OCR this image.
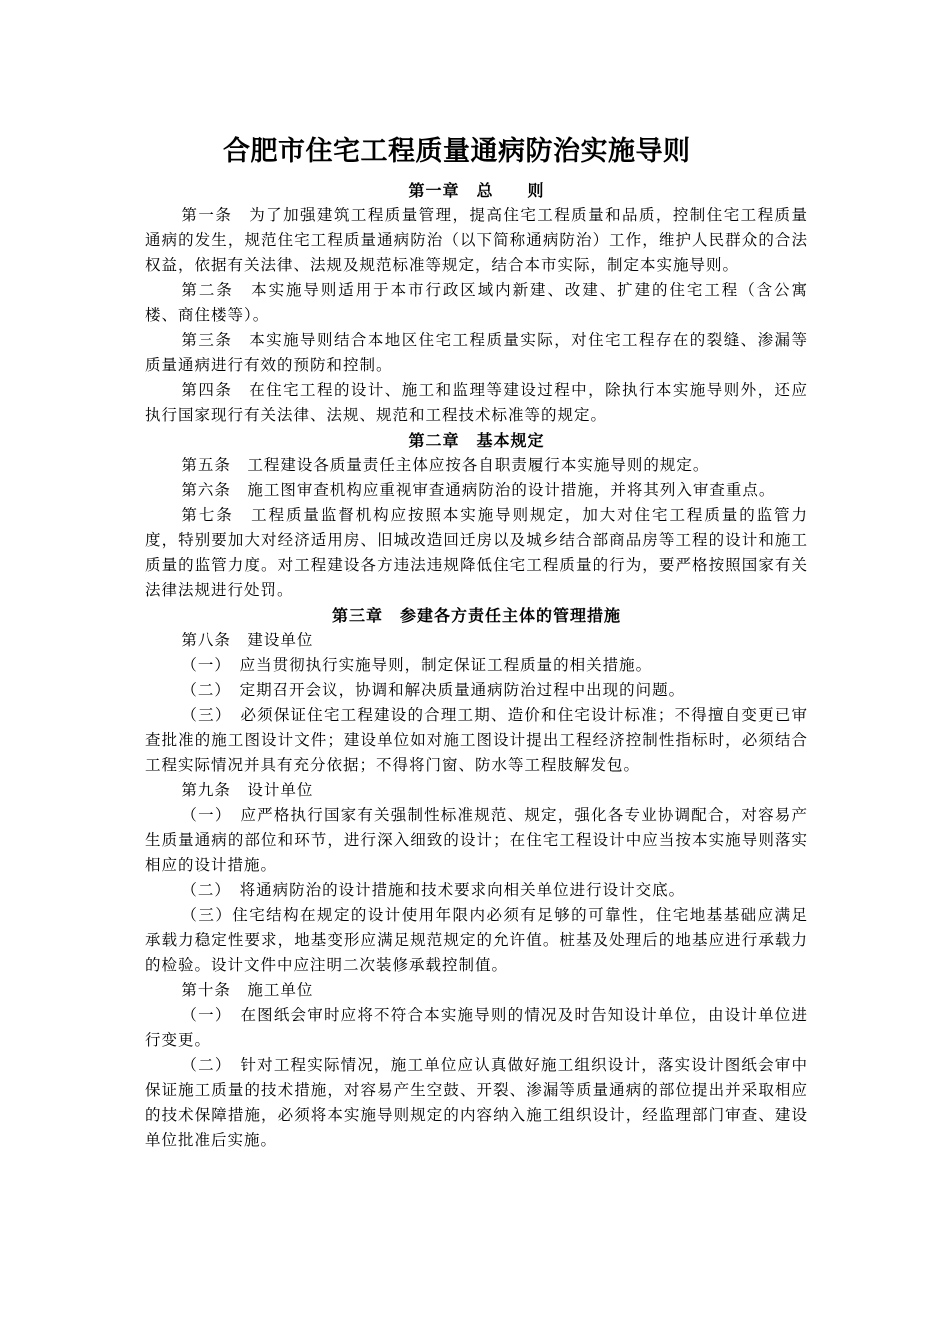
合肥市住宅工程质量通病防治实施导则
第一章　总　　则

第一条　为了加强建筑工程质量管理，提高住宅工程质量和品质，控制住宅工程质量通病的发生，规范住宅工程质量通病防治（以下简称通病防治）工作，维护人民群众的合法权益，依据有关法律、法规及规范标准等规定，结合本市实际，制定本实施导则。

第二条　本实施导则适用于本市行政区域内新建、改建、扩建的住宅工程（含公寓楼、商住楼等）。

第三条　本实施导则结合本地区住宅工程质量实际，对住宅工程存在的裂缝、渗漏等质量通病进行有效的预防和控制。

第四条　在住宅工程的设计、施工和监理等建设过程中，除执行本实施导则外，还应执行国家现行有关法律、法规、规范和工程技术标准等的规定。

第二章　基本规定

第五条　工程建设各质量责任主体应按各自职责履行本实施导则的规定。

第六条　施工图审查机构应重视审查通病防治的设计措施，并将其列入审查重点。

第七条　工程质量监督机构应按照本实施导则规定，加大对住宅工程质量的监管力度，特别要加大对经济适用房、旧城改造回迁房以及城乡结合部商品房等工程的设计和施工质量的监管力度。对工程建设各方违法违规降低住宅工程质量的行为，要严格按照国家有关法律法规进行处罚。

第三章　参建各方责任主体的管理措施

第八条　建设单位

（一）　应当贯彻执行实施导则，制定保证工程质量的相关措施。

（二）　定期召开会议，协调和解决质量通病防治过程中出现的问题。

（三）　必须保证住宅工程建设的合理工期、造价和住宅设计标准；不得擅自变更已审查批准的施工图设计文件；建设单位如对施工图设计提出工程经济控制性指标时，必须结合工程实际情况并具有充分依据；不得将门窗、防水等工程肢解发包。

第九条　设计单位

（一）　应严格执行国家有关强制性标准规范、规定，强化各专业协调配合，对容易产生质量通病的部位和环节，进行深入细致的设计；在住宅工程设计中应当按本实施导则落实相应的设计措施。

（二）　将通病防治的设计措施和技术要求向相关单位进行设计交底。

（三）住宅结构在规定的设计使用年限内必须有足够的可靠性，住宅地基基础应满足承载力稳定性要求，地基变形应满足规范规定的允许值。桩基及处理后的地基应进行承载力的检验。设计文件中应注明二次装修承载控制值。

第十条　施工单位

（一）　在图纸会审时应将不符合本实施导则的情况及时告知设计单位，由设计单位进行变更。

（二）　针对工程实际情况，施工单位应认真做好施工组织设计，落实设计图纸会审中保证施工质量的技术措施，对容易产生空鼓、开裂、渗漏等质量通病的部位提出并采取相应的技术保障措施，必须将本实施导则规定的内容纳入施工组织设计，经监理部门审查、建设单位批准后实施。
